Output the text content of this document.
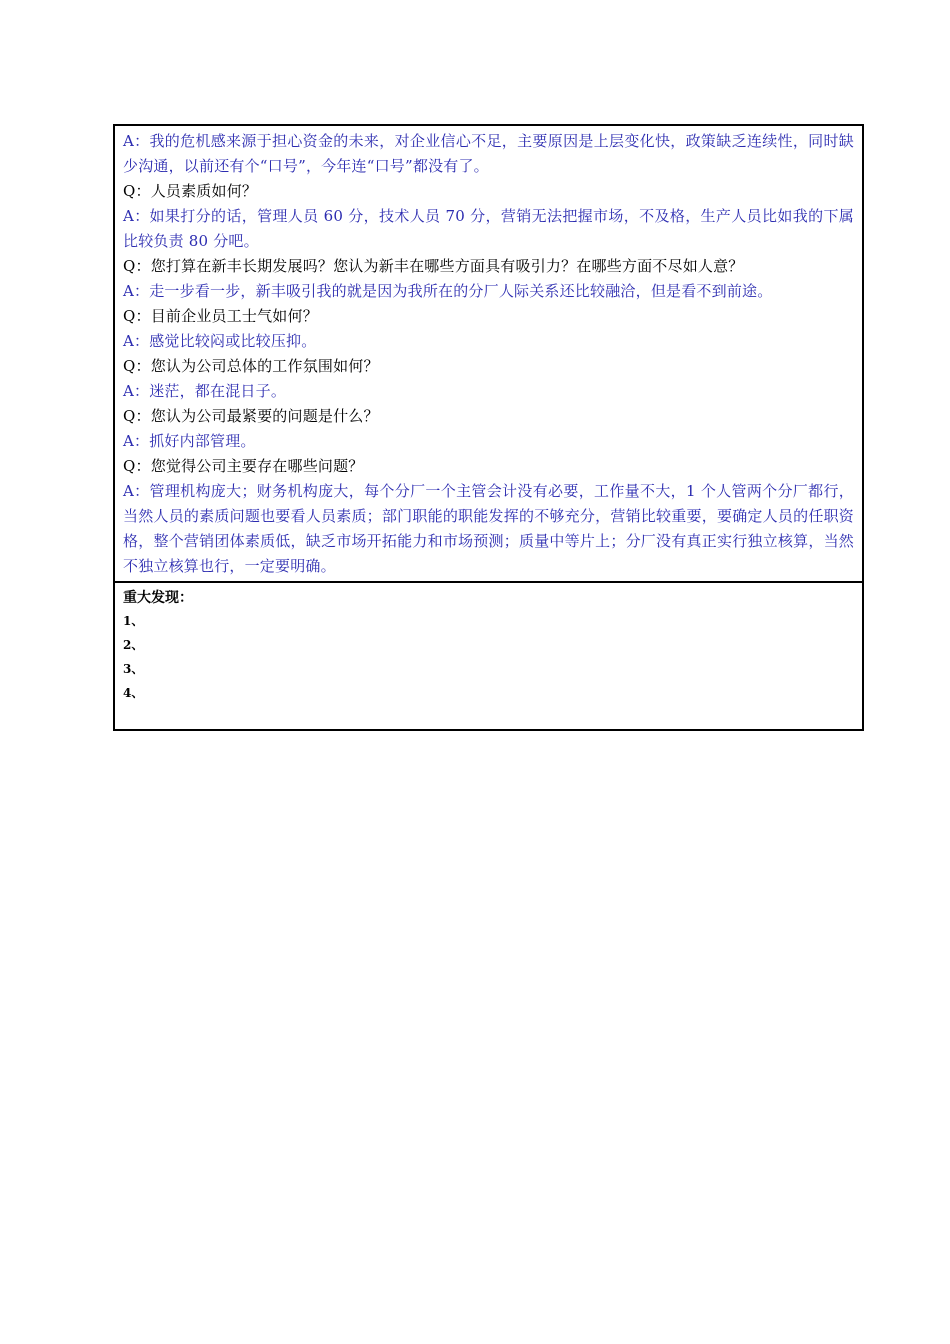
A：我的危机感来源于担心资金的未来，对企业信心不足，主要原因是上层变化快，政策缺乏连续性，同时缺少沟通，以前还有个“口号”，今年连“口号”都没有了。

Q：人员素质如何？

A：如果打分的话，管理人员 60 分，技术人员 70 分，营销无法把握市场，不及格，生产人员比如我的下属比较负责 80 分吧。

Q：您打算在新丰长期发展吗？您认为新丰在哪些方面具有吸引力？在哪些方面不尽如人意？

A：走一步看一步，新丰吸引我的就是因为我所在的分厂人际关系还比较融洽，但是看不到前途。

Q：目前企业员工士气如何？

A：感觉比较闷或比较压抑。

Q：您认为公司总体的工作氛围如何？

A：迷茫，都在混日子。

Q：您认为公司最紧要的问题是什么？

A：抓好内部管理。

Q：您觉得公司主要存在哪些问题？

A：管理机构庞大；财务机构庞大，每个分厂一个主管会计没有必要，工作量不大，1 个人管两个分厂都行，当然人员的素质问题也要看人员素质；部门职能的职能发挥的不够充分，营销比较重要，要确定人员的任职资格，整个营销团体素质低，缺乏市场开拓能力和市场预测；质量中等片上；分厂没有真正实行独立核算，当然不独立核算也行，一定要明确。

重大发现：

1、

2、

3、

4、
